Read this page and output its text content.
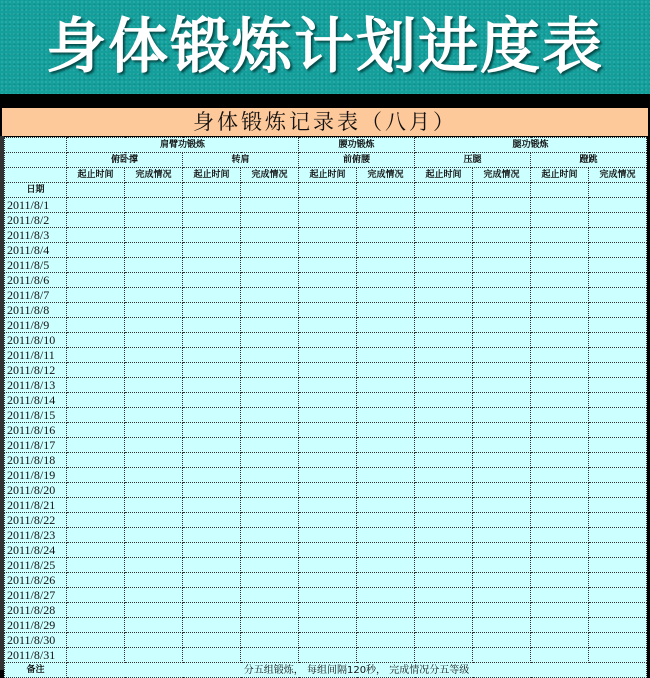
身体锻炼计划进度表
身体锻炼记录表（八月）
	肩臂功锻炼				腰功锻炼		腿功锻炼			
	俯卧撑		转肩		前俯腰		压腿		蹬跳	
	起止时间	完成情况	起止时间	完成情况	起止时间	完成情况	起止时间	完成情况	起止时间	完成情况
日期										
2011/8/1										
2011/8/2										
2011/8/3										
2011/8/4										
2011/8/5										
2011/8/6										
2011/8/7										
2011/8/8										
2011/8/9										
2011/8/10										
2011/8/11										
2011/8/12										
2011/8/13										
2011/8/14										
2011/8/15										
2011/8/16										
2011/8/17										
2011/8/18										
2011/8/19										
2011/8/20										
2011/8/21										
2011/8/22										
2011/8/23										
2011/8/24										
2011/8/25										
2011/8/26										
2011/8/27										
2011/8/28										
2011/8/29										
2011/8/30										
2011/8/31										
备注	分五组锻炼， 每组间隔120秒， 完成情况分五等级									
